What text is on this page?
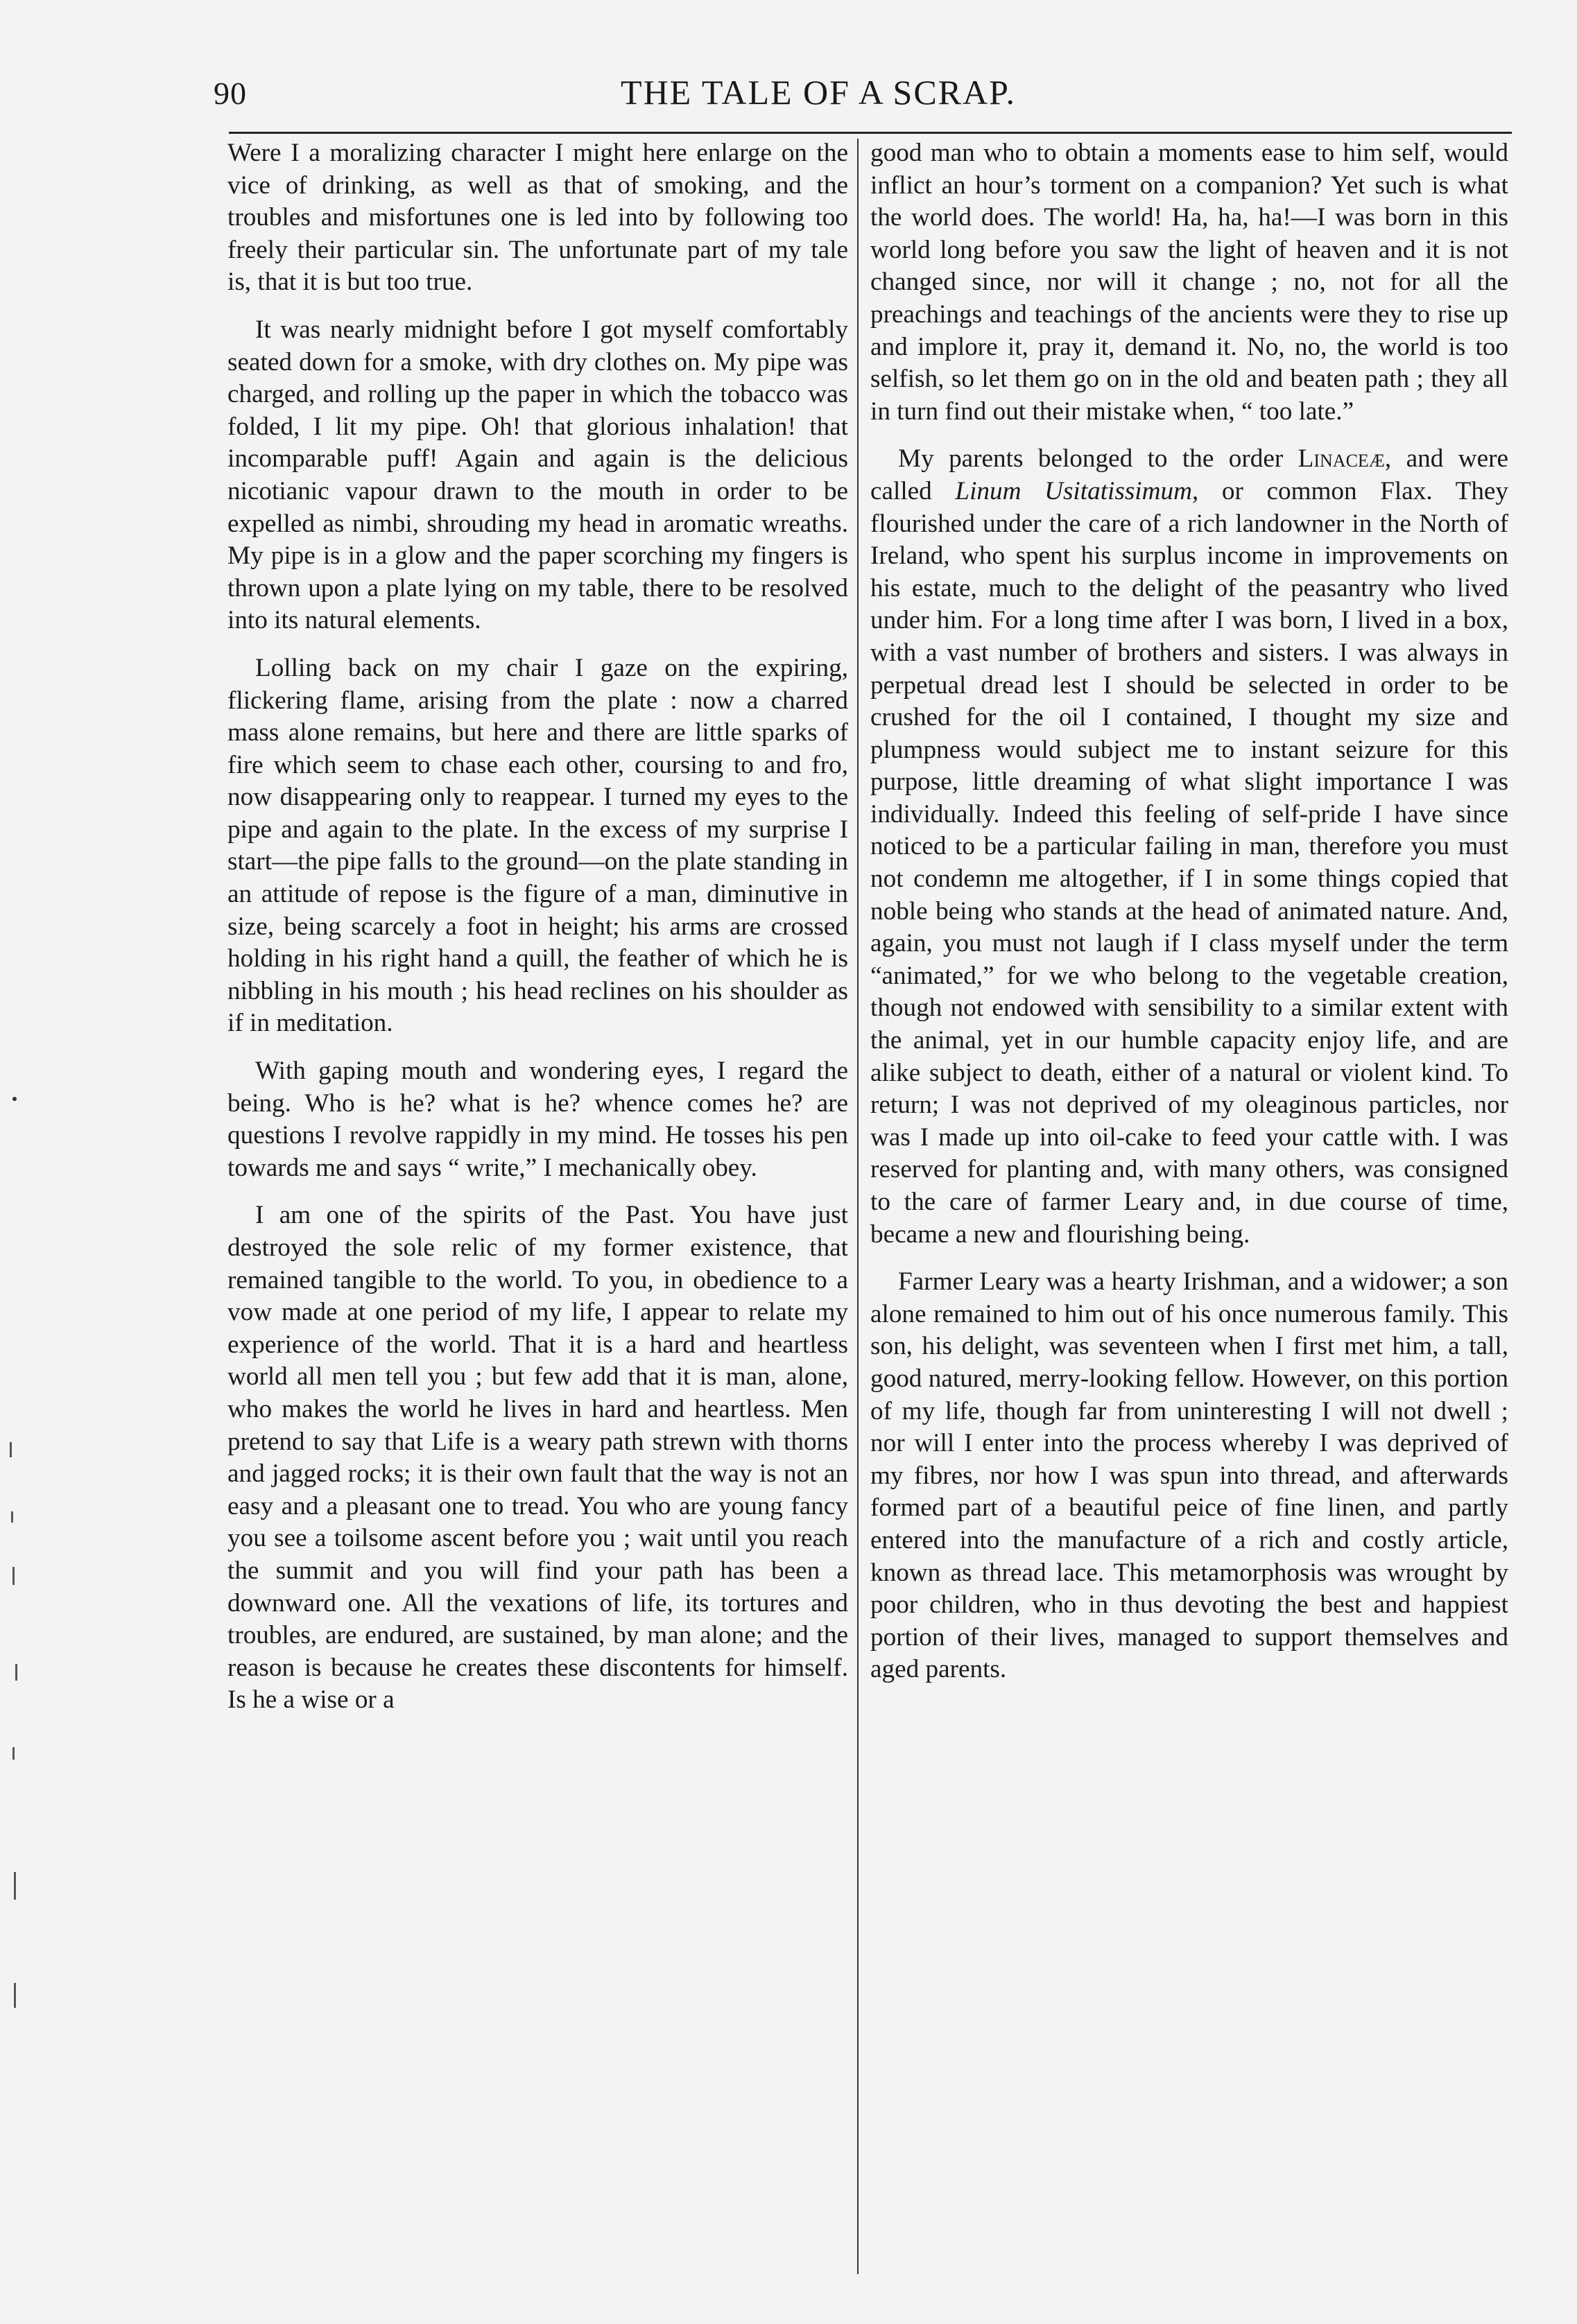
90	THE TALE OF A SCRAP.

Were I a moralizing character I might here enlarge on the vice of drinking, as well as that of smoking, and the troubles and misfortunes one is led into by following too freely their particular sin. The unfortunate part of my tale is, that it is but too true.

It was nearly midnight before I got myself comfortably seated down for a smoke, with dry clothes on. My pipe was charged, and rolling up the paper in which the tobacco was folded, I lit my pipe. Oh! that glorious inhalation! that incomparable puff! Again and again is the delicious nicotianic vapour drawn to the mouth in order to be expelled as nimbi, shrouding my head in aromatic wreaths. My pipe is in a glow and the paper scorching my fingers is thrown upon a plate lying on my table, there to be resolved into its natural elements.

Lolling back on my chair I gaze on the expiring, flickering flame, arising from the plate : now a charred mass alone remains, but here and there are little sparks of fire which seem to chase each other, coursing to and fro, now disappearing only to reappear. I turned my eyes to the pipe and again to the plate. In the excess of my surprise I start—the pipe falls to the ground—on the plate standing in an attitude of repose is the figure of a man, diminutive in size, being scarcely a foot in height; his arms are crossed holding in his right hand a quill, the feather of which he is nibbling in his mouth ; his head reclines on his shoulder as if in meditation.

With gaping mouth and wondering eyes, I regard the being. Who is he? what is he? whence comes he? are questions I revolve rappidly in my mind. He tosses his pen towards me and says “ write,” I mechanically obey.

I am one of the spirits of the Past. You have just destroyed the sole relic of my former existence, that remained tangible to the world. To you, in obedience to a vow made at one period of my life, I appear to relate my experience of the world. That it is a hard and heartless world all men tell you ; but few add that it is man, alone, who makes the world he lives in hard and heartless. Men pretend to say that Life is a weary path strewn with thorns and jagged rocks; it is their own fault that the way is not an easy and a pleasant one to tread. You who are young fancy you see a toilsome ascent before you ; wait until you reach the summit and you will find your path has been a downward one. All the vexations of life, its tortures and troubles, are endured, are sustained, by man alone; and the reason is because he creates these discontents for himself. Is he a wise or a

good man who to obtain a moments ease to him self, would inflict an hour’s torment on a companion? Yet such is what the world does. The world! Ha, ha, ha!—I was born in this world long before you saw the light of heaven and it is not changed since, nor will it change ; no, not for all the preachings and teachings of the ancients were they to rise up and implore it, pray it, demand it. No, no, the world is too selfish, so let them go on in the old and beaten path ; they all in turn find out their mistake when, “ too late.”

My parents belonged to the order Linaceæ, and were called Linum Usitatissimum, or common Flax. They flourished under the care of a rich landowner in the North of Ireland, who spent his surplus income in improvements on his estate, much to the delight of the peasantry who lived under him. For a long time after I was born, I lived in a box, with a vast number of brothers and sisters. I was always in perpetual dread lest I should be selected in order to be crushed for the oil I contained, I thought my size and plumpness would subject me to instant seizure for this purpose, little dreaming of what slight importance I was individually. Indeed this feeling of self-pride I have since noticed to be a particular failing in man, therefore you must not condemn me altogether, if I in some things copied that noble being who stands at the head of animated nature. And, again, you must not laugh if I class myself under the term “animated,” for we who belong to the vegetable creation, though not endowed with sensibility to a similar extent with the animal, yet in our humble capacity enjoy life, and are alike subject to death, either of a natural or violent kind. To return; I was not deprived of my oleaginous particles, nor was I made up into oil-cake to feed your cattle with. I was reserved for planting and, with many others, was consigned to the care of farmer Leary and, in due course of time, became a new and flourishing being.

Farmer Leary was a hearty Irishman, and a widower; a son alone remained to him out of his once numerous family. This son, his delight, was seventeen when I first met him, a tall, good natured, merry-looking fellow. However, on this portion of my life, though far from uninteresting I will not dwell ; nor will I enter into the process whereby I was deprived of my fibres, nor how I was spun into thread, and afterwards formed part of a beautiful peice of fine linen, and partly entered into the manufacture of a rich and costly article, known as thread lace. This metamorphosis was wrought by poor children, who in thus devoting the best and happiest portion of their lives, managed to support themselves and aged parents.
